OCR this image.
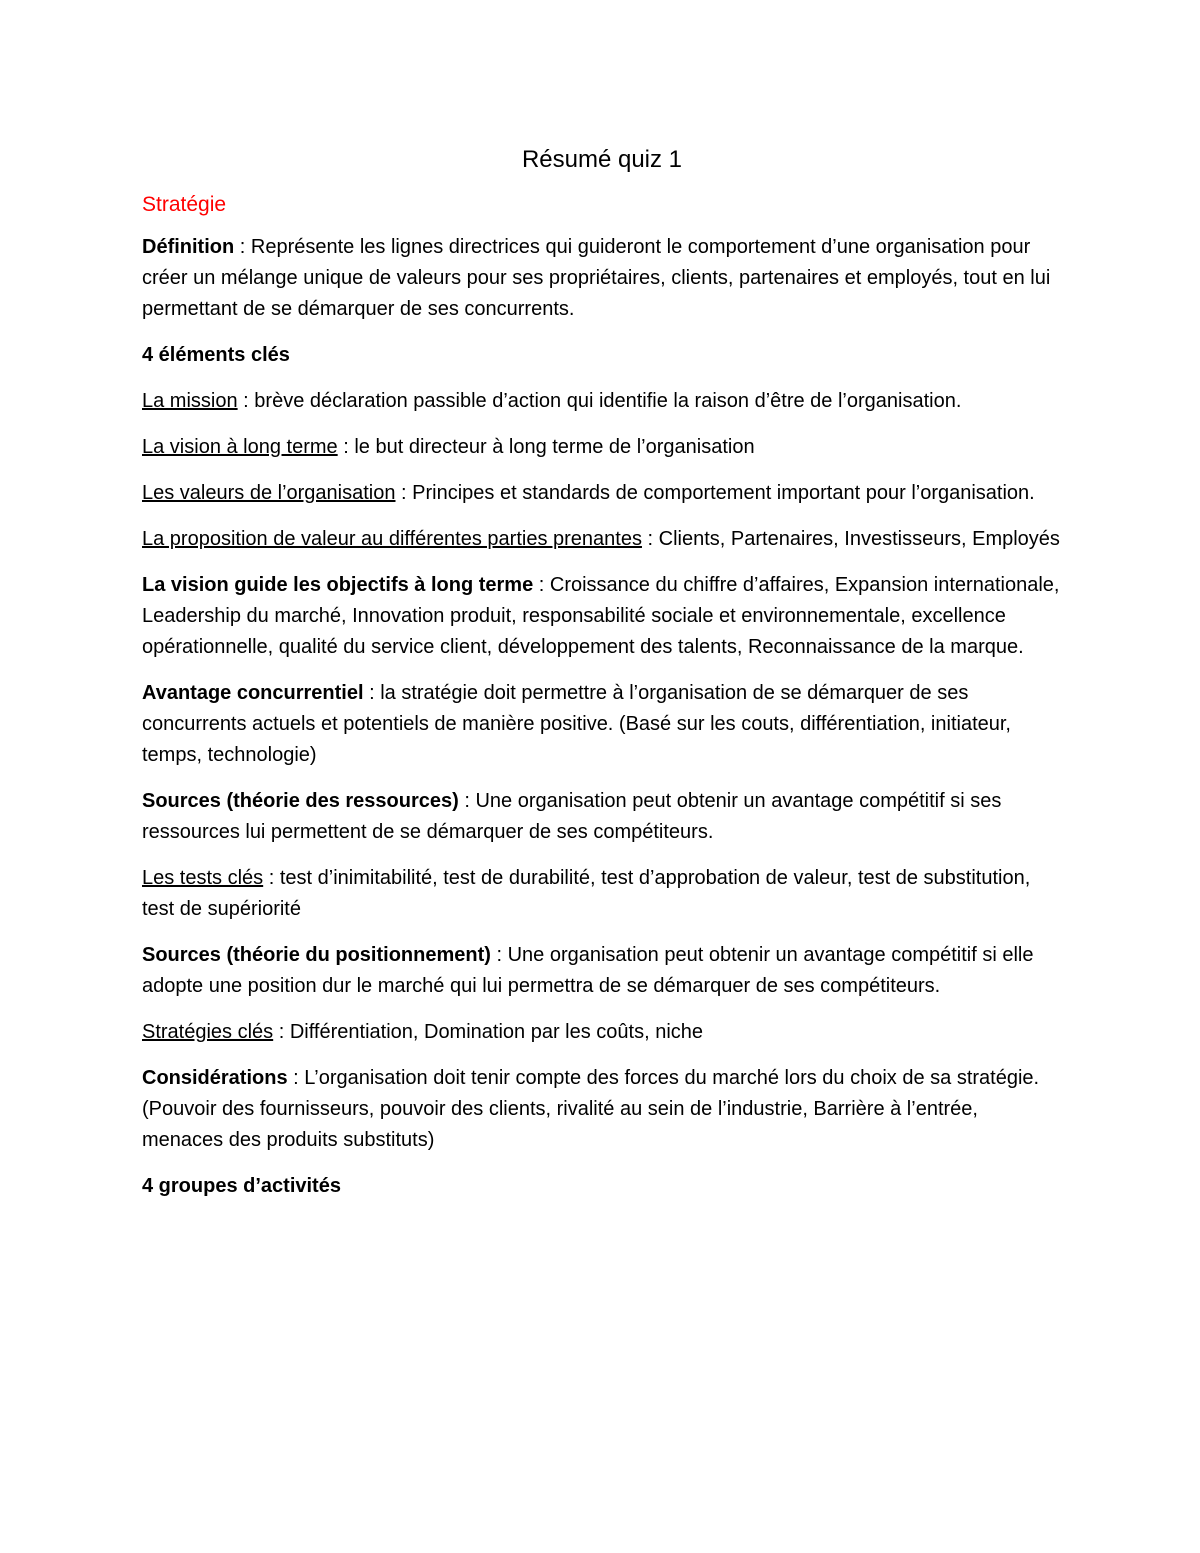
Résumé quiz 1
Stratégie

Définition : Représente les lignes directrices qui guideront le comportement d’une organisation pour créer un mélange unique de valeurs pour ses propriétaires, clients, partenaires et employés, tout en lui permettant de se démarquer de ses concurrents.

4 éléments clés

La mission : brève déclaration passible d’action qui identifie la raison d’être de l’organisation.

La vision à long terme : le but directeur à long terme de l’organisation

Les valeurs de l’organisation : Principes et standards de comportement important pour l’organisation.

La proposition de valeur au différentes parties prenantes : Clients, Partenaires, Investisseurs, Employés

La vision guide les objectifs à long terme : Croissance du chiffre d’affaires, Expansion internationale, Leadership du marché, Innovation produit, responsabilité sociale et environnementale, excellence opérationnelle, qualité du service client, développement des talents, Reconnaissance de la marque.

Avantage concurrentiel : la stratégie doit permettre à l’organisation de se démarquer de ses concurrents actuels et potentiels de manière positive. (Basé sur les couts, différentiation, initiateur, temps, technologie)

Sources (théorie des ressources) : Une organisation peut obtenir un avantage compétitif si ses ressources lui permettent de se démarquer de ses compétiteurs.

Les tests clés : test d’inimitabilité, test de durabilité, test d’approbation de valeur, test de substitution, test de supériorité

Sources (théorie du positionnement) : Une organisation peut obtenir un avantage compétitif si elle adopte une position dur le marché qui lui permettra de se démarquer de ses compétiteurs.

Stratégies clés : Différentiation, Domination par les coûts, niche

Considérations : L’organisation doit tenir compte des forces du marché lors du choix de sa stratégie. (Pouvoir des fournisseurs, pouvoir des clients, rivalité au sein de l’industrie, Barrière à l’entrée, menaces des produits substituts)

4 groupes d’activités
